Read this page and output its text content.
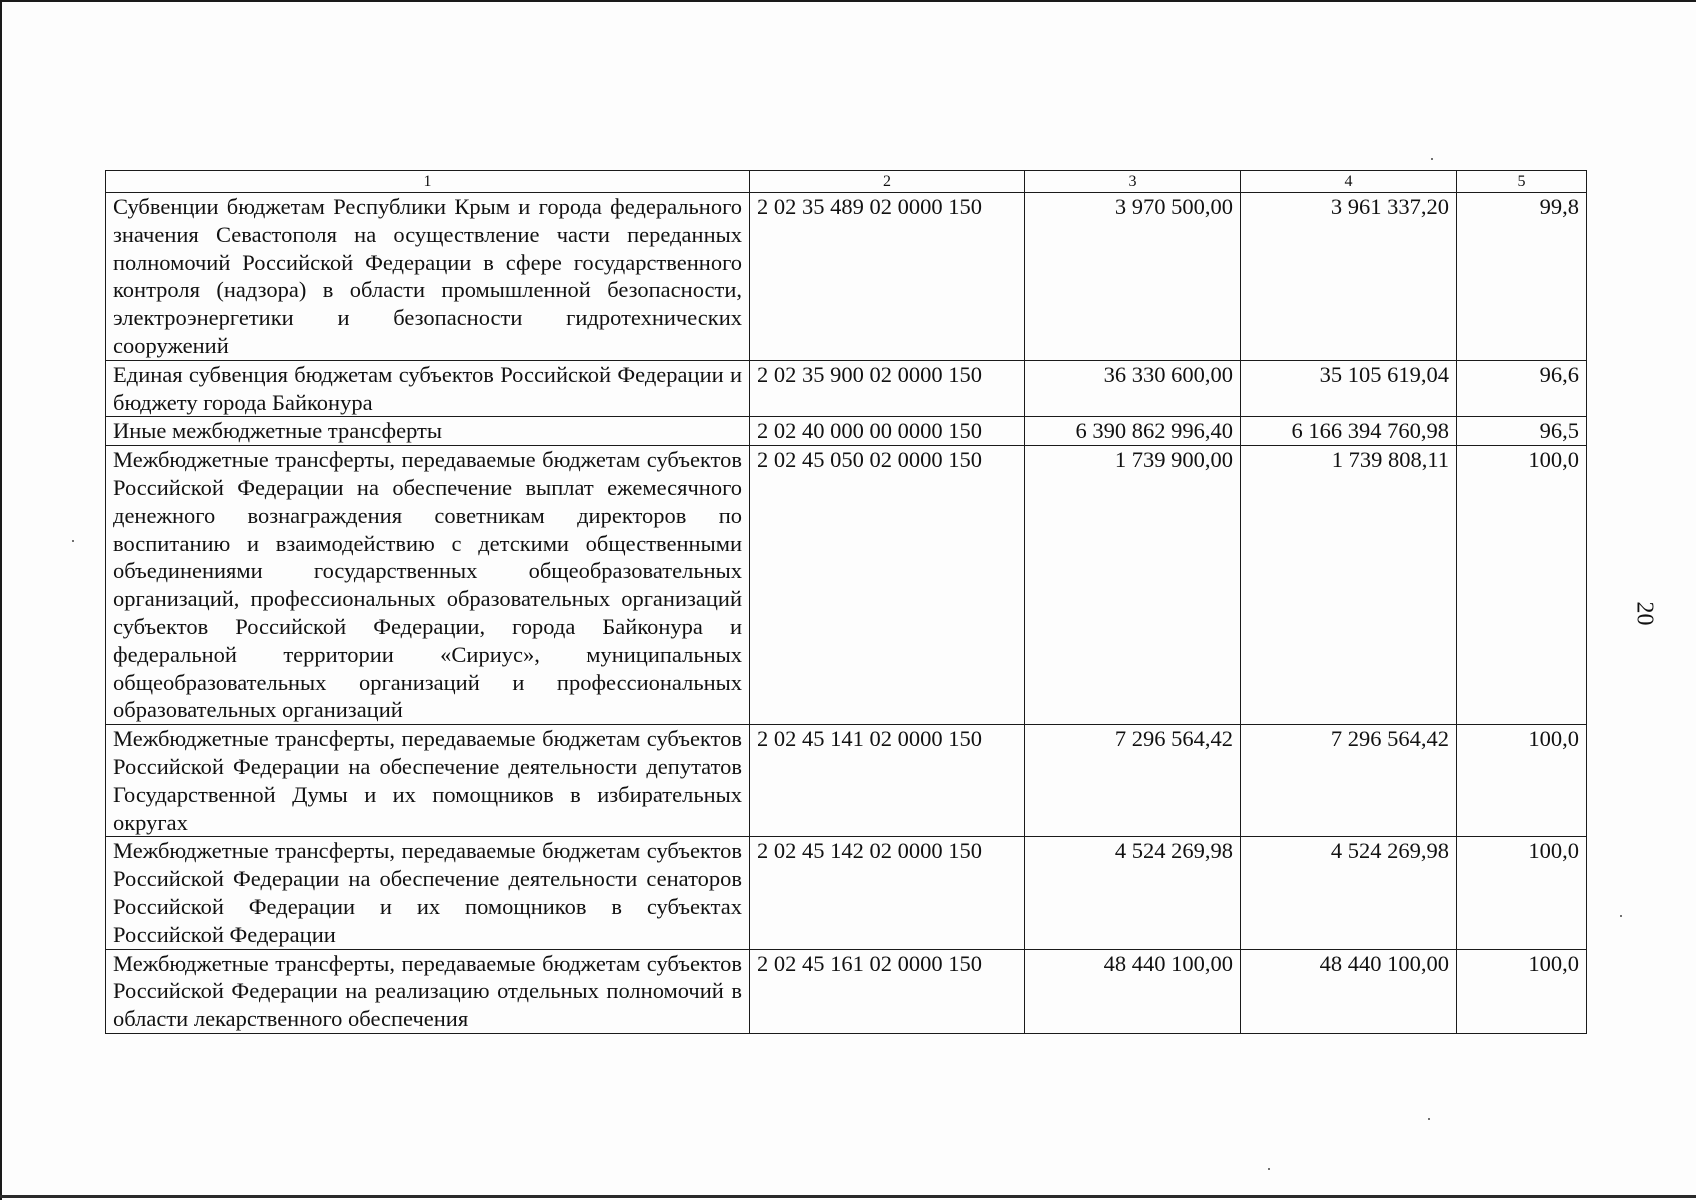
1	2	3	4	5
Субвенции бюджетам Республики Крым и города федерального значения Севастополя на осуществление части переданных полномочий Российской Федерации в сфере государственного контроля (надзора) в области промышленной безопасности, электроэнергетики и безопасности гидротехнических сооружений	2 02 35 489 02 0000 150	3 970 500,00	3 961 337,20	99,8
Единая субвенция бюджетам субъектов Российской Федерации и бюджету города Байконура	2 02 35 900 02 0000 150	36 330 600,00	35 105 619,04	96,6
Иные межбюджетные трансферты	2 02 40 000 00 0000 150	6 390 862 996,40	6 166 394 760,98	96,5
Межбюджетные трансферты, передаваемые бюджетам субъектов Российской Федерации на обеспечение выплат ежемесячного денежного вознаграждения советникам директоров по воспитанию и взаимодействию с детскими общественными объединениями государственных общеобразовательных организаций, профессиональных образовательных организаций субъектов Российской Федерации, города Байконура и федеральной территории «Сириус», муниципальных общеобразовательных организаций и профессиональных образовательных организаций	2 02 45 050 02 0000 150	1 739 900,00	1 739 808,11	100,0
Межбюджетные трансферты, передаваемые бюджетам субъектов Российской Федерации на обеспечение деятельности депутатов Государственной Думы и их помощников в избирательных округах	2 02 45 141 02 0000 150	7 296 564,42	7 296 564,42	100,0
Межбюджетные трансферты, передаваемые бюджетам субъектов Российской Федерации на обеспечение деятельности сенаторов Российской Федерации и их помощников в субъектах Российской Федерации	2 02 45 142 02 0000 150	4 524 269,98	4 524 269,98	100,0
Межбюджетные трансферты, передаваемые бюджетам субъектов Российской Федерации на реализацию отдельных полномочий в области лекарственного обеспечения	2 02 45 161 02 0000 150	48 440 100,00	48 440 100,00	100,0
20
